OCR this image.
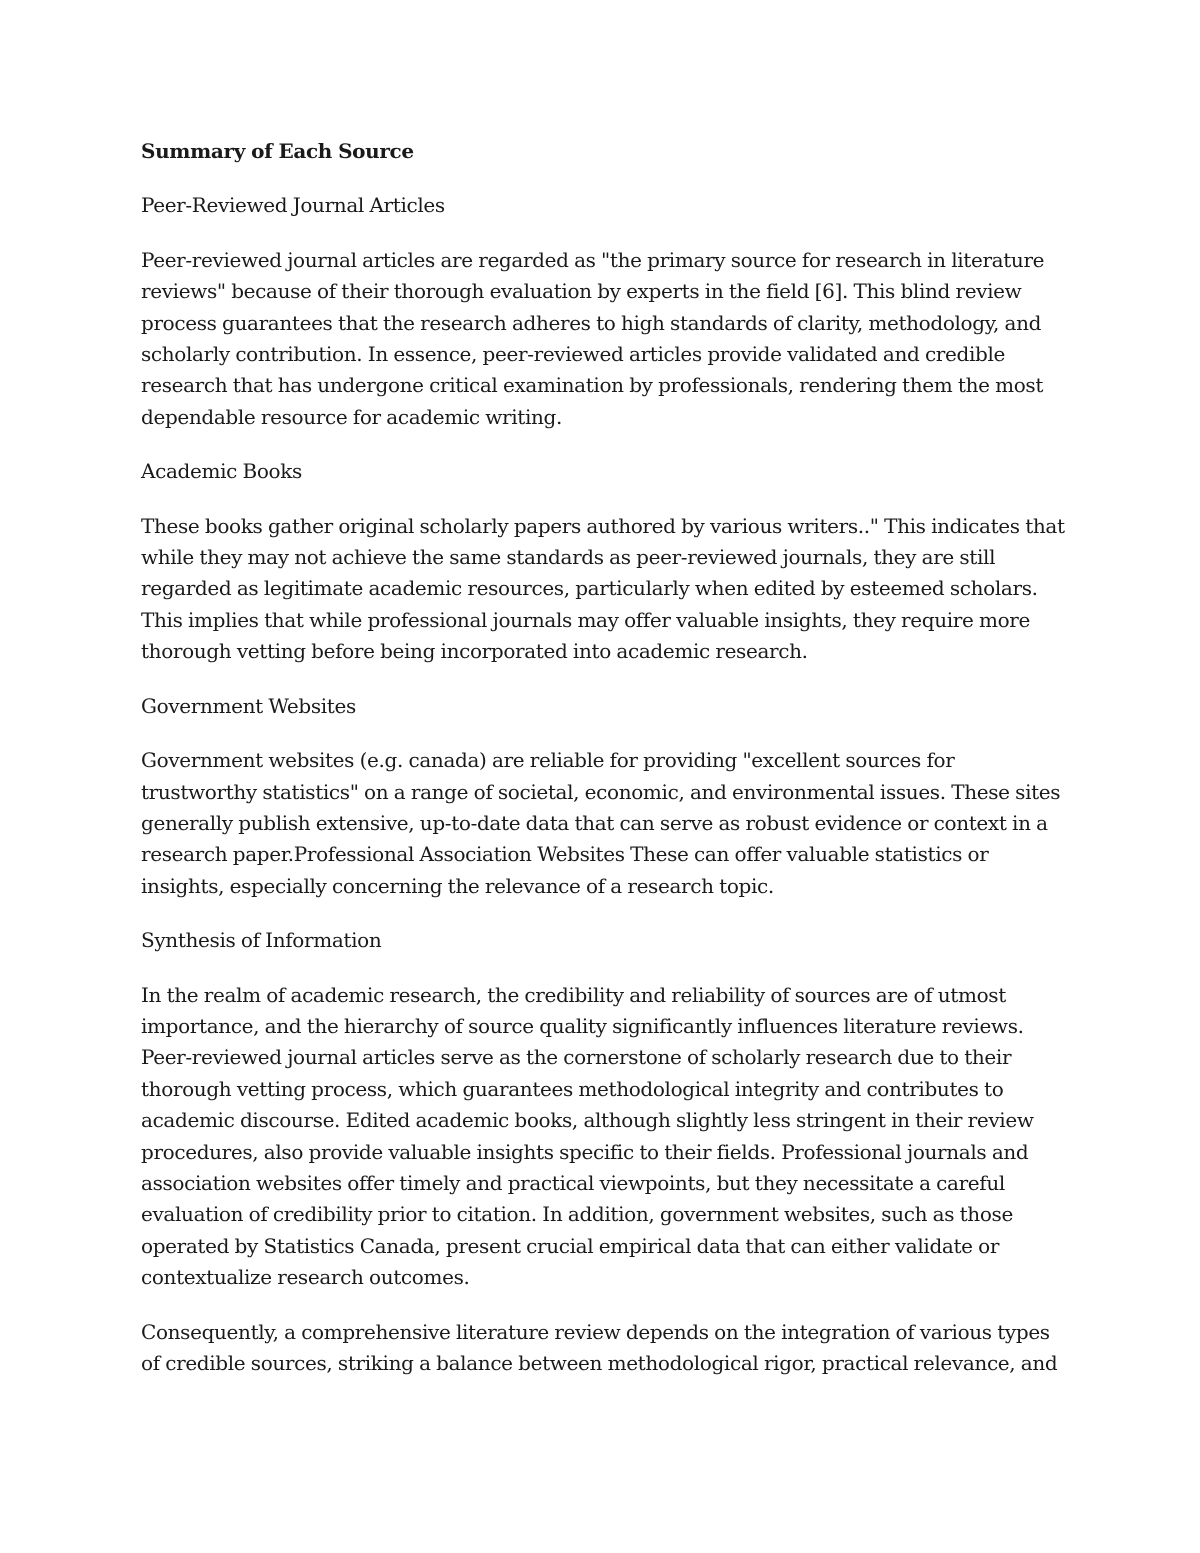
Summary of Each Source

Peer-Reviewed Journal Articles

Peer-reviewed journal articles are regarded as "the primary source for research in literature reviews" because of their thorough evaluation by experts in the field [6]. This blind review process guarantees that the research adheres to high standards of clarity, methodology, and scholarly contribution. In essence, peer-reviewed articles provide validated and credible research that has undergone critical examination by professionals, rendering them the most dependable resource for academic writing.

Academic Books

These books gather original scholarly papers authored by various writers.." This indicates that while they may not achieve the same standards as peer-reviewed journals, they are still regarded as legitimate academic resources, particularly when edited by esteemed scholars. This implies that while professional journals may offer valuable insights, they require more thorough vetting before being incorporated into academic research.

Government Websites

Government websites (e.g. canada) are reliable for providing "excellent sources for trustworthy statistics" on a range of societal, economic, and environmental issues. These sites generally publish extensive, up-to-date data that can serve as robust evidence or context in a research paper.Professional Association Websites These can offer valuable statistics or insights, especially concerning the relevance of a research topic.

Synthesis of Information

In the realm of academic research, the credibility and reliability of sources are of utmost importance, and the hierarchy of source quality significantly influences literature reviews. Peer-reviewed journal articles serve as the cornerstone of scholarly research due to their thorough vetting process, which guarantees methodological integrity and contributes to academic discourse. Edited academic books, although slightly less stringent in their review procedures, also provide valuable insights specific to their fields. Professional journals and association websites offer timely and practical viewpoints, but they necessitate a careful evaluation of credibility prior to citation. In addition, government websites, such as those operated by Statistics Canada, present crucial empirical data that can either validate or contextualize research outcomes.

Consequently, a comprehensive literature review depends on the integration of various types of credible sources, striking a balance between methodological rigor, practical relevance, and
